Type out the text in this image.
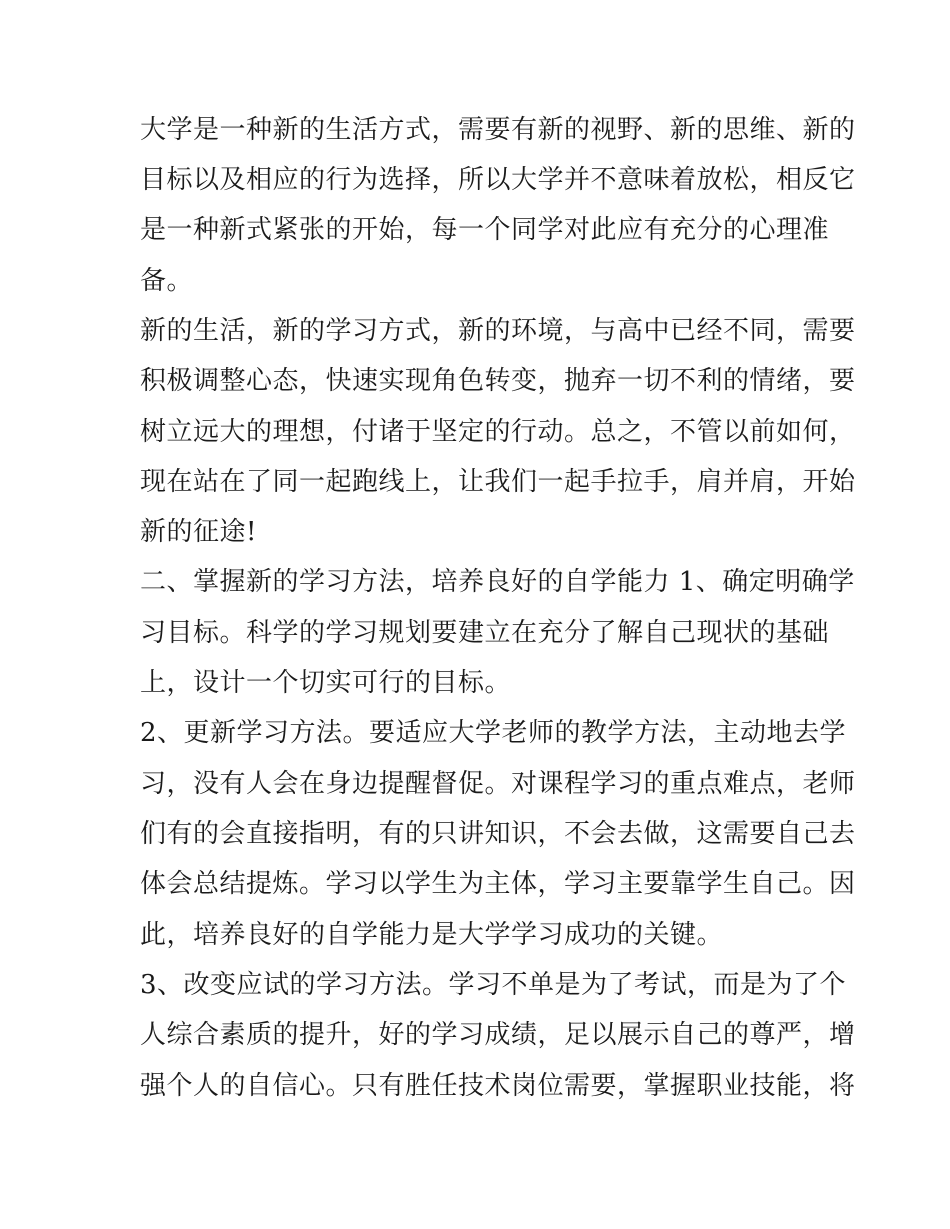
大学是一种新的生活方式，需要有新的视野、新的思维、新的
目标以及相应的行为选择，所以大学并不意味着放松，相反它
是一种新式紧张的开始，每一个同学对此应有充分的心理准
备。
新的生活，新的学习方式，新的环境，与高中已经不同，需要
积极调整心态，快速实现角色转变，抛弃一切不利的情绪，要
树立远大的理想，付诸于坚定的行动。总之，不管以前如何，
现在站在了同一起跑线上，让我们一起手拉手，肩并肩，开始
新的征途!
二、掌握新的学习方法，培养良好的自学能力 1、确定明确学
习目标。科学的学习规划要建立在充分了解自己现状的基础
上，设计一个切实可行的目标。
2、更新学习方法。要适应大学老师的教学方法，主动地去学
习，没有人会在身边提醒督促。对课程学习的重点难点，老师
们有的会直接指明，有的只讲知识，不会去做，这需要自己去
体会总结提炼。学习以学生为主体，学习主要靠学生自己。因
此，培养良好的自学能力是大学学习成功的关键。
3、改变应试的学习方法。学习不单是为了考试，而是为了个
人综合素质的提升，好的学习成绩，足以展示自己的尊严，增
强个人的自信心。只有胜任技术岗位需要，掌握职业技能，将
